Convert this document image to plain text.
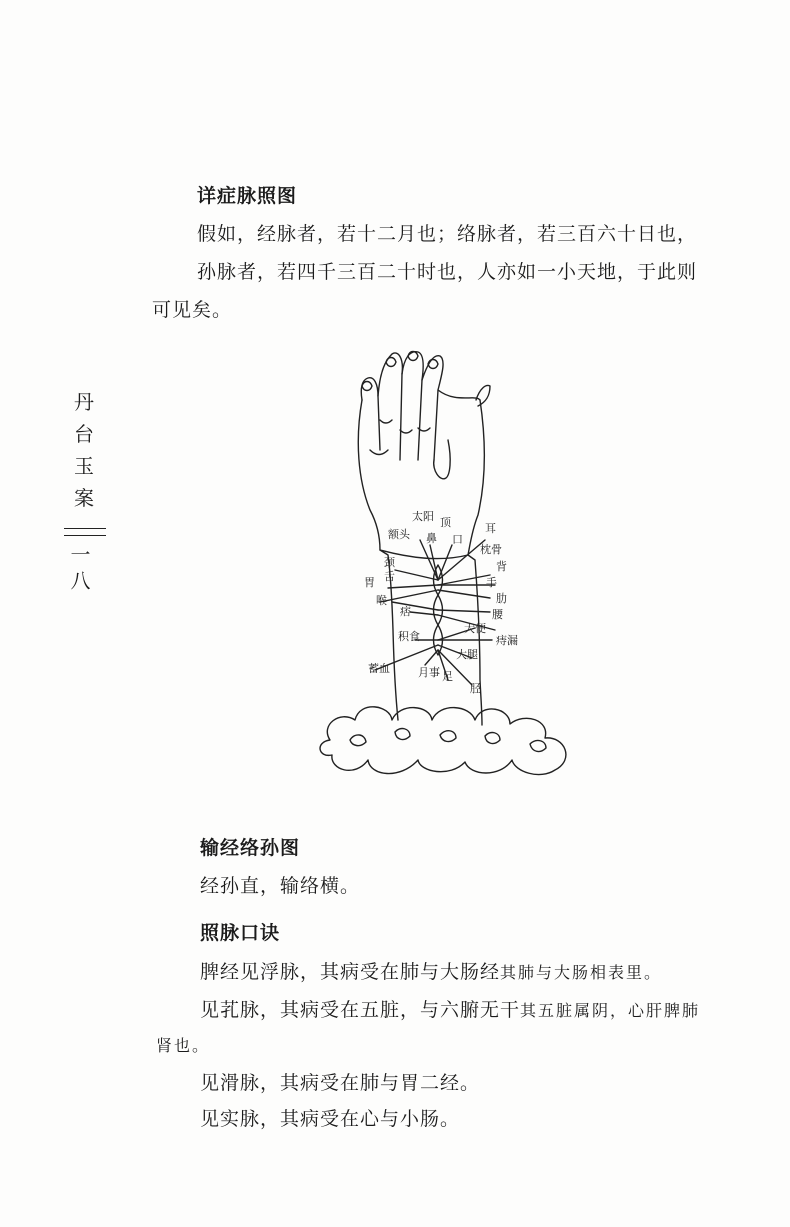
丹
台
玉
案
一八
详症脉照图
假如，经脉者，若十二月也；络脉者，若三百六十日也，
孙脉者，若四千三百二十时也，人亦如一小天地，于此则
可见矣。
太阳
额头
顶
鼻 口
耳
颈
枕骨
背
舌	手
胃
喉	肋
痞	腰
积食
大便
痔漏
大腿
蓄血	月事 足
胫
输经络孙图
经孙直，输络横。
照脉口诀
脾经见浮脉，其病受在肺与大肠经其肺与大肠相表里。
见芤脉，其病受在五脏，与六腑无干其五脏属阴，心肝脾肺
肾也。
见滑脉，其病受在肺与胃二经。
见实脉，其病受在心与小肠。
